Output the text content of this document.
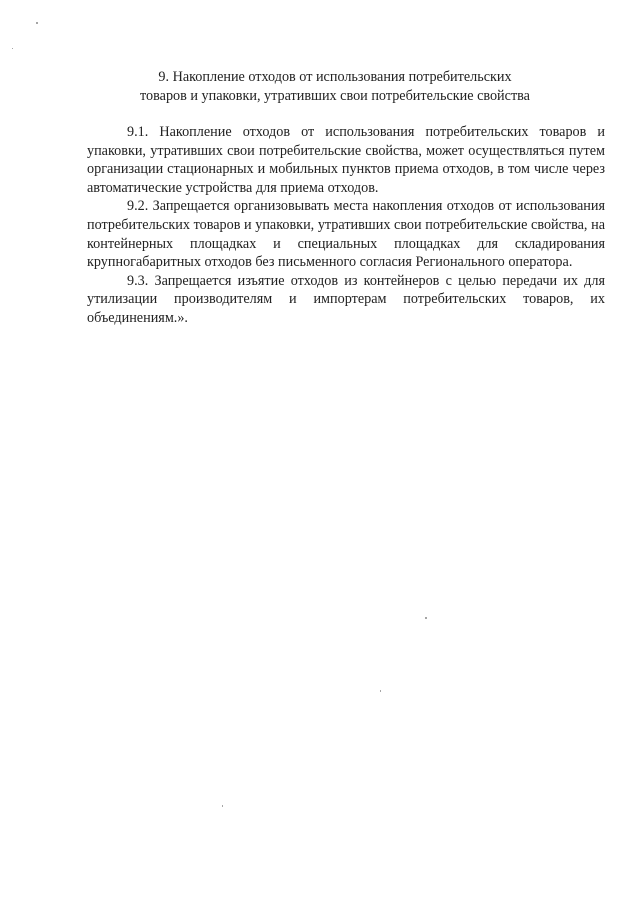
9. Накопление отходов от использования потребительских
товаров и упаковки, утративших свои потребительские свойства

9.1. Накопление отходов от использования потребительских товаров и упаковки, утративших свои потребительские свойства, может осуществляться путем организации стационарных и мобильных пунктов приема отходов, в том числе через автоматические устройства для приема отходов.

9.2. Запрещается организовывать места накопления отходов от использования потребительских товаров и упаковки, утративших свои потребительские свойства, на контейнерных площадках и специальных площадках для складирования крупногабаритных отходов без письменного согласия Регионального оператора.

9.3. Запрещается изъятие отходов из контейнеров с целью передачи их для утилизации производителям и импортерам потребительских товаров, их объединениям.».
